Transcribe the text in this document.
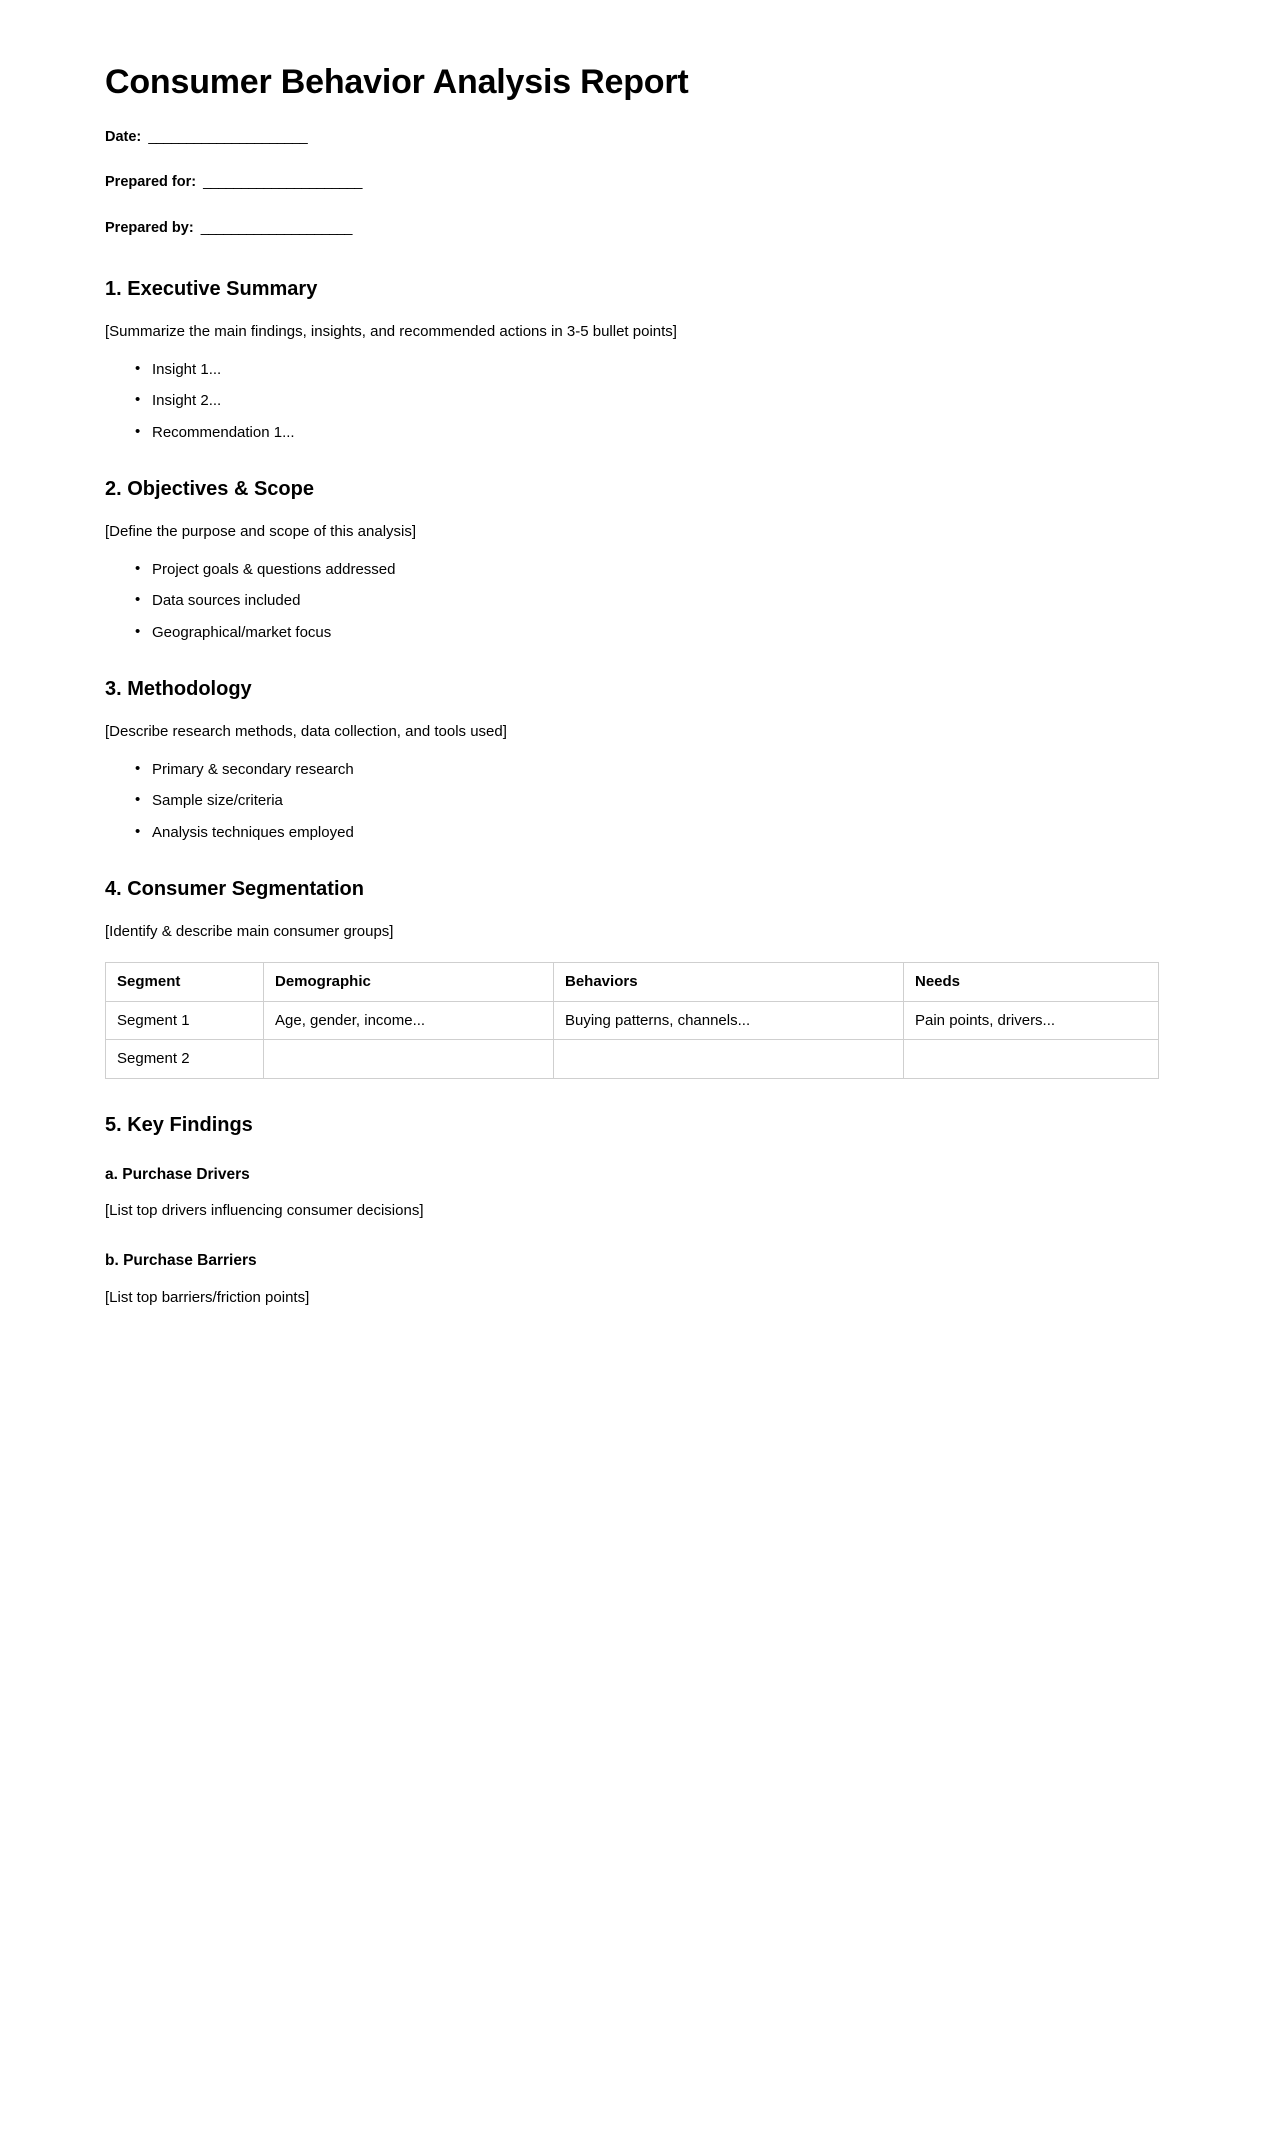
Consumer Behavior Analysis Report
Date:  _____________________
Prepared for:  _____________________
Prepared by:  ____________________
1. Executive Summary

[Summarize the main findings, insights, and recommended actions in 3-5 bullet points]

• Insight 1...
• Insight 2...
• Recommendation 1...
2. Objectives & Scope

[Define the purpose and scope of this analysis]

• Project goals & questions addressed
• Data sources included
• Geographical/market focus
3. Methodology

[Describe research methods, data collection, and tools used]

• Primary & secondary research
• Sample size/criteria
• Analysis techniques employed
4. Consumer Segmentation

[Identify & describe main consumer groups]

Segment	Demographic	Behaviors	Needs
Segment 1	Age, gender, income...	Buying patterns, channels...	Pain points, drivers...
Segment 2			
5. Key Findings
a. Purchase Drivers

[List top drivers influencing consumer decisions]

b. Purchase Barriers

[List top barriers/friction points]
